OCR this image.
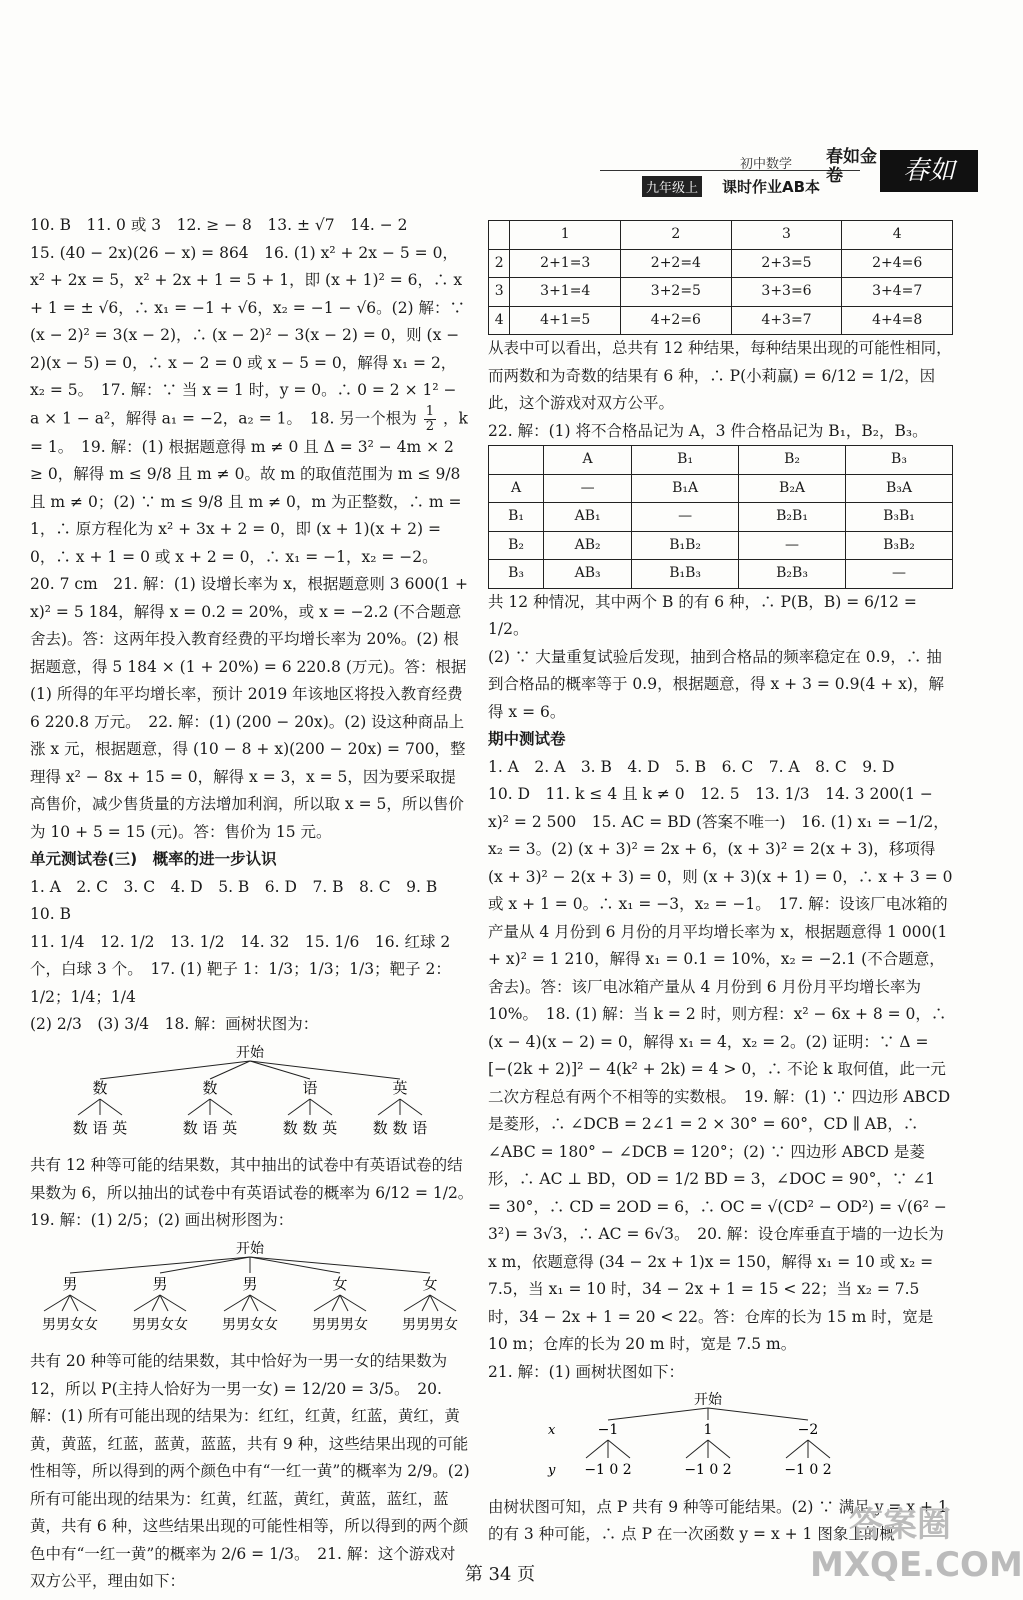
初中数学
九年级上 课时作业AB本
春如金卷	春如

10. B　11. 0 或 3　12. ≥ − 8　13. ± √7　14. − 2

15. (40 − 2x)(26 − x) = 864　16. (1) x² + 2x − 5 = 0，x² + 2x = 5，x² + 2x + 1 = 5 + 1，即 (x + 1)² = 6，∴ x + 1 = ± √6，∴ x₁ = −1 + √6，x₂ = −1 − √6。(2) 解：∵ (x − 2)² = 3(x − 2)，∴ (x − 2)² − 3(x − 2) = 0，则 (x − 2)(x − 5) = 0，∴ x − 2 = 0 或 x − 5 = 0，解得 x₁ = 2，x₂ = 5。　17. 解：∵ 当 x = 1 时，y = 0。∴ 0 = 2 × 1² − a × 1 − a²，解得 a₁ = −2，a₂ = 1。　18. 另一个根为 $\frac{1}{2}$ ，k = 1。　19. 解：(1) 根据题意得 m ≠ 0 且 Δ = 3² − 4m × 2 ≥ 0，解得 m ≤ 9/8 且 m ≠ 0。故 m 的取值范围为 m ≤ 9/8 且 m ≠ 0；(2) ∵ m ≤ 9/8 且 m ≠ 0，m 为正整数，∴ m = 1，∴ 原方程化为 x² + 3x + 2 = 0，即 (x + 1)(x + 2) = 0，∴ x + 1 = 0 或 x + 2 = 0，∴ x₁ = −1，x₂ = −2。　20. 7 cm　21. 解：(1) 设增长率为 x，根据题意则 3 600(1 + x)² = 5 184，解得 x = 0.2 = 20%，或 x = −2.2 (不合题意舍去)。答：这两年投入教育经费的平均增长率为 20%。(2) 根据题意，得 5 184 × (1 + 20%) = 6 220.8 (万元)。答：根据 (1) 所得的年平均增长率，预计 2019 年该地区将投入教育经费 6 220.8 万元。　22. 解：(1) (200 − 20x)。(2) 设这种商品上涨 x 元，根据题意，得 (10 − 8 + x)(200 − 20x) = 700，整理得 x² − 8x + 15 = 0，解得 x = 3，x = 5，因为要采取提高售价，减少售货量的方法增加利润，所以取 x = 5，所以售价为 10 + 5 = 15 (元)。答：售价为 15 元。

单元测试卷(三)　概率的进一步认识

1. A　2. C　3. C　4. D　5. B　6. D　7. B　8. C　9. B　10. B

11. 1/4　12. 1/2　13. 1/2　14. 32　15. 1/6　16. 红球 2 个，白球 3 个。　17. (1) 靶子 1：1/3；1/3；1/3；靶子 2：1/2；1/4；1/4

(2) 2/3　(3) 3/4　18. 解：画树状图为：

开始
数	数	语	英
数 语 英	数 语 英	数 数 英 数 数 语

共有 12 种等可能的结果数，其中抽出的试卷中有英语试卷的结果数为 6，所以抽出的试卷中有英语试卷的概率为 6/12 = 1/2。　19. 解：(1) 2/5；(2) 画出树形图为：

开始
男	男	男	女	女
男男女女 男男女女 男男女女 男男男女 男男男女

共有 20 种等可能的结果数，其中恰好为一男一女的结果数为 12，所以 P(主持人恰好为一男一女) = 12/20 = 3/5。　20. 解：(1) 所有可能出现的结果为：红红，红黄，红蓝，黄红，黄黄，黄蓝，红蓝，蓝黄，蓝蓝，共有 9 种，这些结果出现的可能性相等，所以得到的两个颜色中有“一红一黄”的概率为 2/9。(2) 所有可能出现的结果为：红黄，红蓝，黄红，黄蓝，蓝红，蓝黄，共有 6 种，这些结果出现的可能性相等，所以得到的两个颜色中有“一红一黄”的概率为 2/6 = 1/3。　21. 解：这个游戏对双方公平，理由如下：

	1	2	3	4
2	2+1=3	2+2=4	2+3=5	2+4=6
3	3+1=4	3+2=5	3+3=6	3+4=7
4	4+1=5	4+2=6	4+3=7	4+4=8

从表中可以看出，总共有 12 种结果，每种结果出现的可能性相同，而两数和为奇数的结果有 6 种，∴ P(小莉赢) = 6/12 = 1/2，因此，这个游戏对双方公平。

22. 解：(1) 将不合格品记为 A，3 件合格品记为 B₁，B₂，B₃。

	A	B₁	B₂	B₃
A	—	B₁A	B₂A	B₃A
B₁	AB₁	—	B₂B₁	B₃B₁
B₂	AB₂	B₁B₂	—	B₃B₂
B₃	AB₃	B₁B₃	B₂B₃	—

共 12 种情况，其中两个 B 的有 6 种，∴ P(B，B) = 6/12 = 1/2。

(2) ∵ 大量重复试验后发现，抽到合格品的频率稳定在 0.9，∴ 抽到合格品的概率等于 0.9，根据题意，得 x + 3 = 0.9(4 + x)，解得 x = 6。

期中测试卷

1. A　2. A　3. B　4. D　5. B　6. C　7. A　8. C　9. D

10. D　11. k ≤ 4 且 k ≠ 0　12. 5　13. 1/3　14. 3 200(1 − x)² = 2 500　15. AC = BD (答案不唯一)　16. (1) x₁ = −1/2，x₂ = 3。(2) (x + 3)² = 2x + 6，(x + 3)² = 2(x + 3)，移项得 (x + 3)² − 2(x + 3) = 0，则 (x + 3)(x + 1) = 0，∴ x + 3 = 0 或 x + 1 = 0。∴ x₁ = −3，x₂ = −1。　17. 解：设该厂电冰箱的产量从 4 月份到 6 月份的月平均增长率为 x，根据题意得 1 000(1 + x)² = 1 210，解得 x₁ = 0.1 = 10%，x₂ = −2.1 (不合题意，舍去)。答：该厂电冰箱产量从 4 月份到 6 月份月平均增长率为 10%。　18. (1) 解：当 k = 2 时，则方程：x² − 6x + 8 = 0，∴ (x − 4)(x − 2) = 0，解得 x₁ = 4，x₂ = 2。(2) 证明：∵ Δ = [−(2k + 2)]² − 4(k² + 2k) = 4 > 0，∴ 不论 k 取何值，此一元二次方程总有两个不相等的实数根。　19. 解：(1) ∵ 四边形 ABCD 是菱形，∴ ∠DCB = 2∠1 = 2 × 30° = 60°，CD ∥ AB，∴ ∠ABC = 180° − ∠DCB = 120°；(2) ∵ 四边形 ABCD 是菱形，∴ AC ⊥ BD，OD = 1/2 BD = 3，∠DOC = 90°，∵ ∠1 = 30°，∴ CD = 2OD = 6，∴ OC = √(CD² − OD²) = √(6² − 3²) = 3√3，∴ AC = 6√3。　20. 解：设仓库垂直于墙的一边长为 x m，依题意得 (34 − 2x + 1)x = 150，解得 x₁ = 10 或 x₂ = 7.5，当 x₁ = 10 时，34 − 2x + 1 = 15 < 22；当 x₂ = 7.5 时，34 − 2x + 1 = 20 < 22。答：仓库的长为 15 m 时，宽是 10 m；仓库的长为 20 m 时，宽是 7.5 m。

21. 解：(1) 画树状图如下：

开始
x
y
−1	1	−2
−1 0 2	−1 0 2	−1 0 2

由树状图可知，点 P 共有 9 种等可能结果。(2) ∵ 满足 y = x + 1 的有 3 种可能，∴ 点 P 在一次函数 y = x + 1 图象上的概

第 34 页
答案圈 MXQE.COM
